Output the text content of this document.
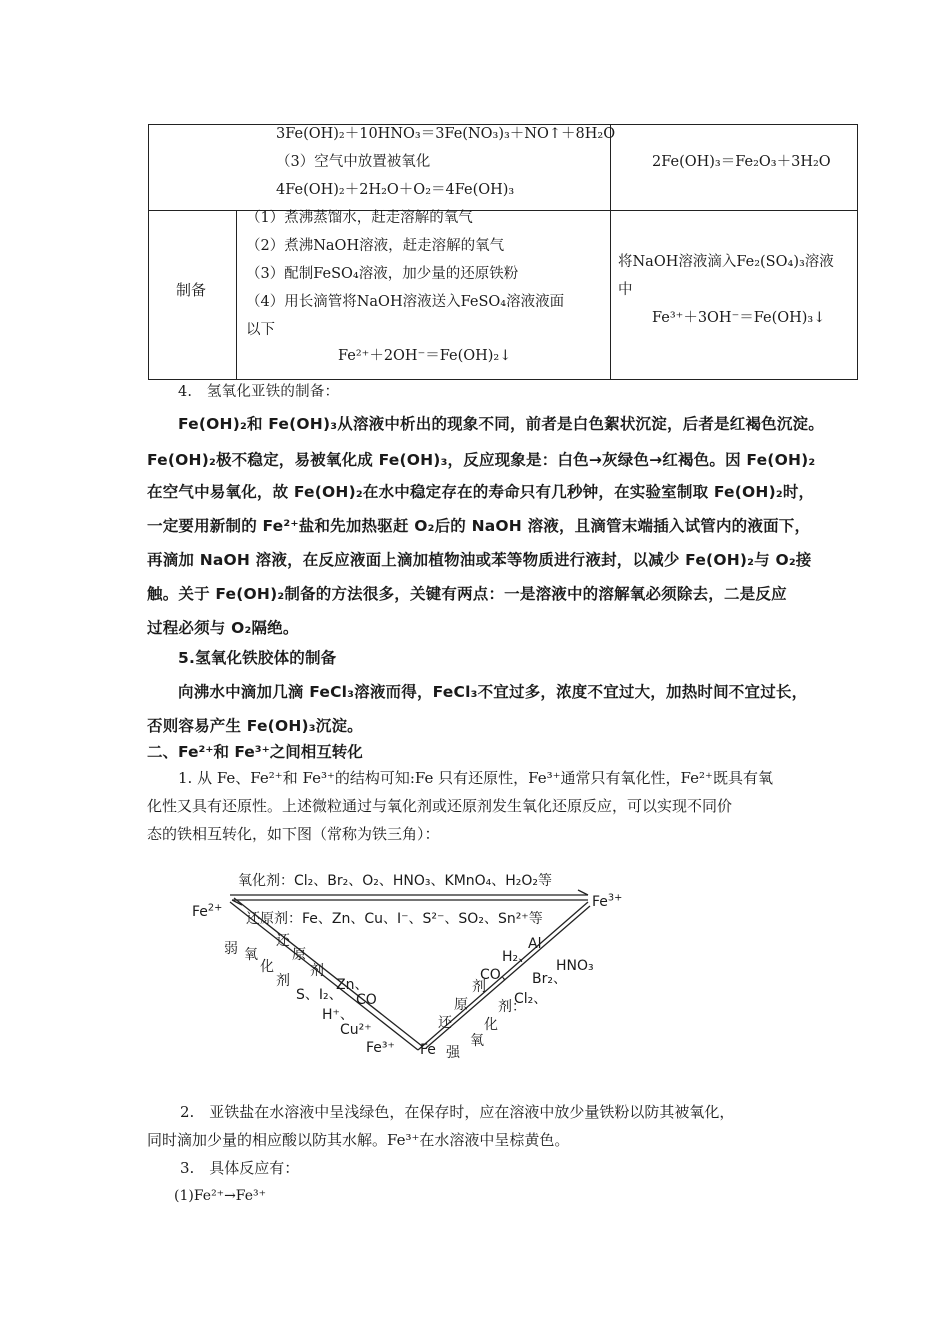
3Fe(OH)₂＋10HNO₃＝3Fe(NO₃)₃＋NO↑＋8H₂O
（3）空气中放置被氧化
4Fe(OH)₂＋2H₂O＋O₂＝4Fe(OH)₃
2Fe(OH)₃＝Fe₂O₃＋3H₂O
制备
（1）煮沸蒸馏水，赶走溶解的氧气
（2）煮沸NaOH溶液，赶走溶解的氧气
（3）配制FeSO₄溶液，加少量的还原铁粉
（4）用长滴管将NaOH溶液送入FeSO₄溶液液面
以下
Fe²⁺＋2OH⁻＝Fe(OH)₂↓
将NaOH溶液滴入Fe₂(SO₄)₃溶液
中
Fe³⁺＋3OH⁻＝Fe(OH)₃↓
4.　氢氧化亚铁的制备：
Fe(OH)₂和 Fe(OH)₃从溶液中析出的现象不同，前者是白色絮状沉淀，后者是红褐色沉淀。
Fe(OH)₂极不稳定，易被氧化成 Fe(OH)₃，反应现象是：白色→灰绿色→红褐色。因 Fe(OH)₂
在空气中易氧化，故 Fe(OH)₂在水中稳定存在的寿命只有几秒钟，在实验室制取 Fe(OH)₂时，
一定要用新制的 Fe²⁺盐和先加热驱赶 O₂后的 NaOH 溶液，且滴管末端插入试管内的液面下，
再滴加 NaOH 溶液，在反应液面上滴加植物油或苯等物质进行液封，以减少 Fe(OH)₂与 O₂接
触。关于 Fe(OH)₂制备的方法很多，关键有两点：一是溶液中的溶解氧必须除去，二是反应
过程必须与 O₂隔绝。
5.氢氧化铁胶体的制备
向沸水中滴加几滴 FeCl₃溶液而得，FeCl₃不宜过多，浓度不宜过大，加热时间不宜过长，
否则容易产生 Fe(OH)₃沉淀。
二、Fe²⁺和 Fe³⁺之间相互转化
1. 从 Fe、Fe²⁺和 Fe³⁺的结构可知:Fe 只有还原性，Fe³⁺通常只有氧化性，Fe²⁺既具有氧
化性又具有还原性。上述微粒通过与氧化剂或还原剂发生氧化还原反应，可以实现不同价
态的铁相互转化，如下图（常称为铁三角）：
$Fe^{2+}$	$Fe^{3+}$
氧化剂：Cl₂、Br₂、O₂、HNO₃、KMnO₄、H₂O₂等
还原剂：Fe、Zn、Cu、I⁻、S²⁻、SO₂、Sn²⁺等
弱 氧
化
剂
还
原
剂
S、I₂、
H⁺、
Cu²⁺
Fe³⁺
Zn、
CO
Fe 强
还
原
剂
氧
化
剂：
Al
H₂、
CO、 Br₂、
HNO₃
Cl₂、
2.　亚铁盐在水溶液中呈浅绿色，在保存时，应在溶液中放少量铁粉以防其被氧化，
同时滴加少量的相应酸以防其水解。Fe³⁺在水溶液中呈棕黄色。
3.　具体反应有：
(1)Fe²⁺→Fe³⁺
